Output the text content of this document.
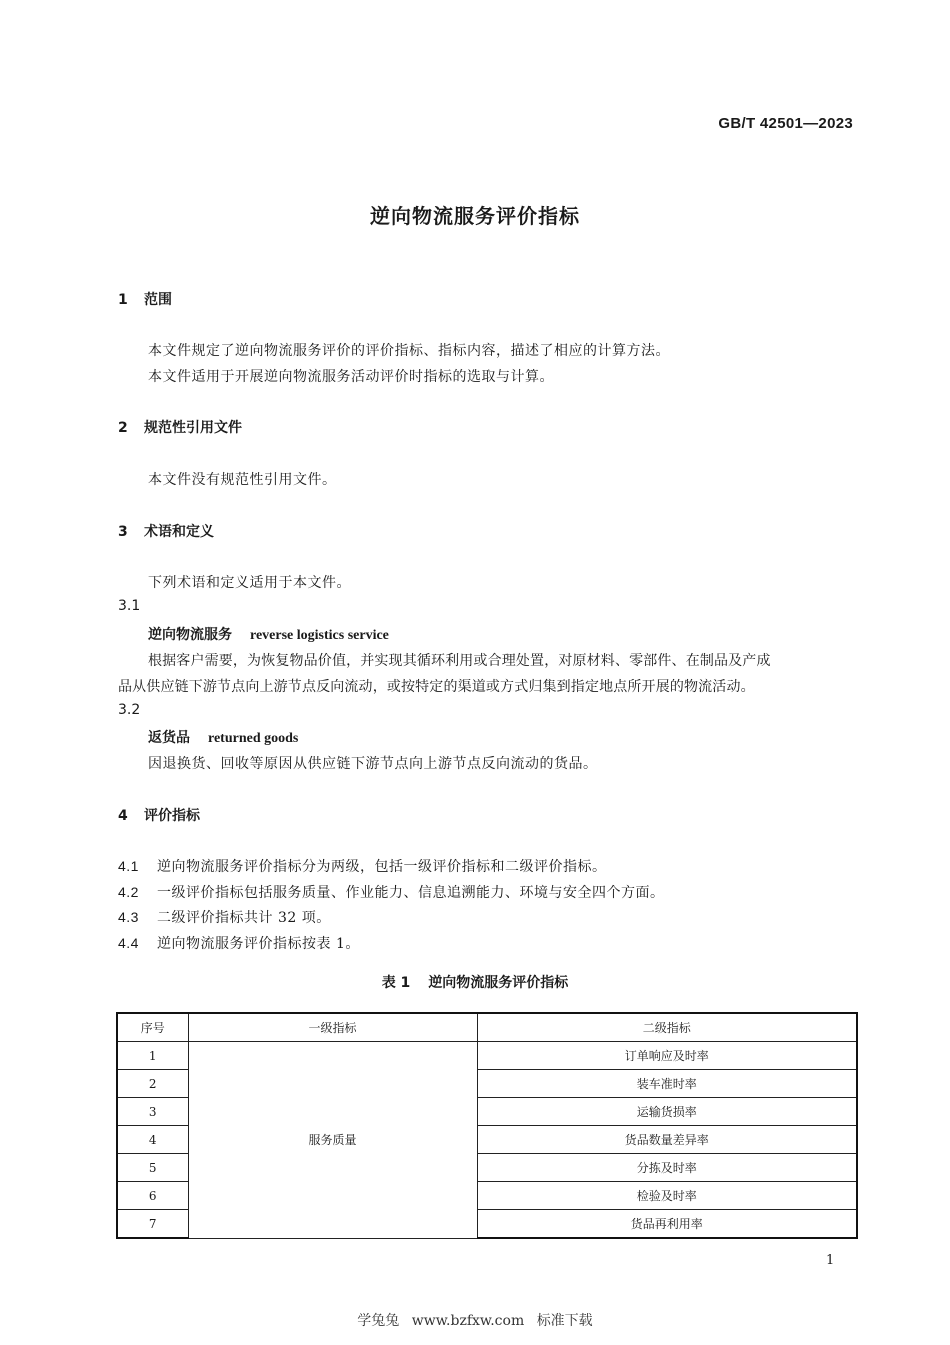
GB/T 42501—2023
逆向物流服务评价指标
1 范围
本文件规定了逆向物流服务评价的评价指标、指标内容，描述了相应的计算方法。
本文件适用于开展逆向物流服务活动评价时指标的选取与计算。
2 规范性引用文件
本文件没有规范性引用文件。
3 术语和定义
下列术语和定义适用于本文件。
3.1
逆向物流服务 reverse logistics service
根据客户需要，为恢复物品价值，并实现其循环利用或合理处置，对原材料、零部件、在制品及产成
品从供应链下游节点向上游节点反向流动，或按特定的渠道或方式归集到指定地点所开展的物流活动。
3.2
返货品 returned goods
因退换货、回收等原因从供应链下游节点向上游节点反向流动的货品。
4 评价指标
4.1 逆向物流服务评价指标分为两级，包括一级评价指标和二级评价指标。
4.2 一级评价指标包括服务质量、作业能力、信息追溯能力、环境与安全四个方面。
4.3 二级评价指标共计 32 项。
4.4 逆向物流服务评价指标按表 1。
表 1 逆向物流服务评价指标
序号	一级指标	二级指标
1	服务质量	订单响应及时率
2		装车准时率
3		运输货损率
4		货品数量差异率
5		分拣及时率
6		检验及时率
7		货品再利用率
1
学兔兔 www.bzfxw.com 标准下载
